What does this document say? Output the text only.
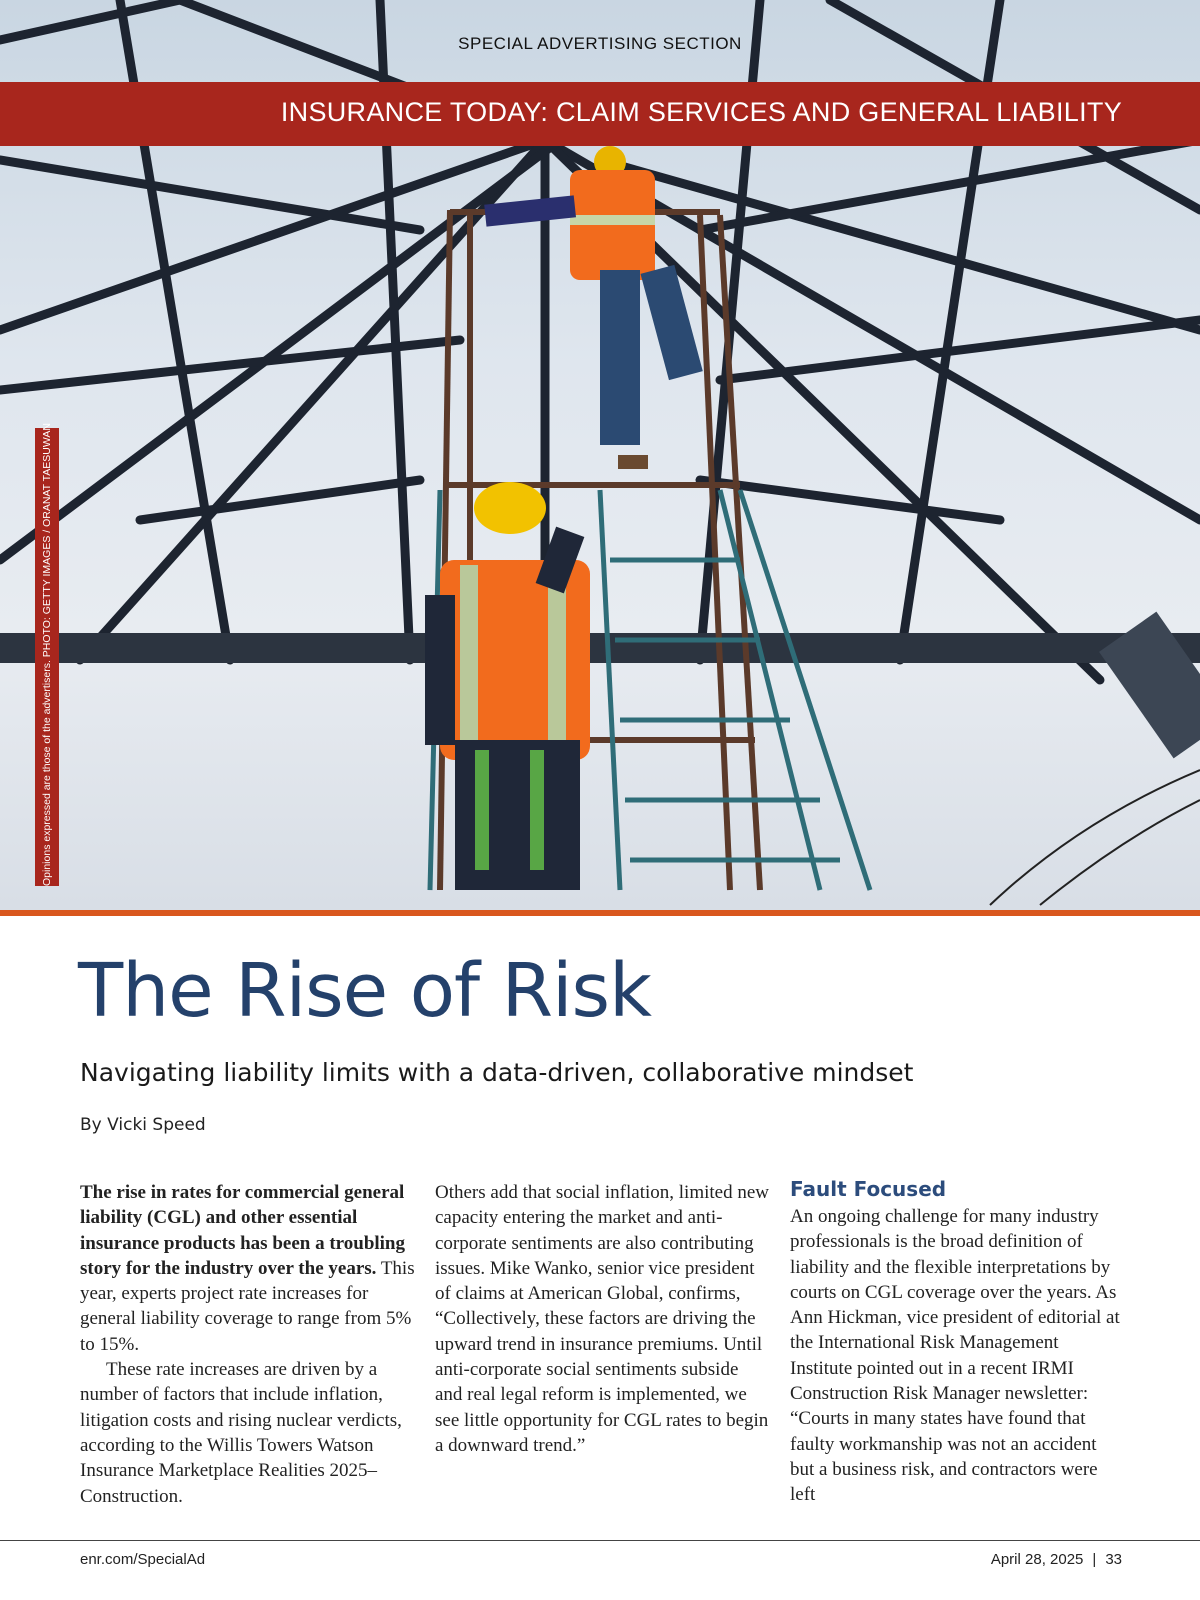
SPECIAL ADVERTISING SECTION
INSURANCE TODAY: CLAIM SERVICES AND GENERAL LIABILITY
Opinions expressed are those of the advertisers. PHOTO: GETTY IMAGES / ORANAT TAESUWAN
The Rise of Risk
Navigating liability limits with a data-driven, collaborative mindset
By Vicki Speed

The rise in rates for commercial general liability (CGL) and other essential insurance products has been a troubling story for the industry over the years. This year, experts project rate increases for general liability coverage to range from 5% to 15%.

These rate increases are driven by a number of factors that include inflation, litigation costs and rising nuclear verdicts, according to the Willis Towers Watson Insurance Marketplace Realities 2025–Construction.

Others add that social inflation, limited new capacity entering the market and anti-corporate sentiments are also contributing issues. Mike Wanko, senior vice president of claims at American Global, confirms, “Collectively, these factors are driving the upward trend in insurance premiums. Until anti-corporate social sentiments subside and real legal reform is implemented, we see little opportunity for CGL rates to begin a downward trend.”

Fault Focused

An ongoing challenge for many industry professionals is the broad definition of liability and the flexible interpretations by courts on CGL coverage over the years. As Ann Hickman, vice president of editorial at the International Risk Management Institute pointed out in a recent IRMI Construction Risk Manager newsletter: “Courts in many states have found that faulty workmanship was not an accident but a business risk, and contractors were left

enr.com/SpecialAd	April 28, 2025 | 33
